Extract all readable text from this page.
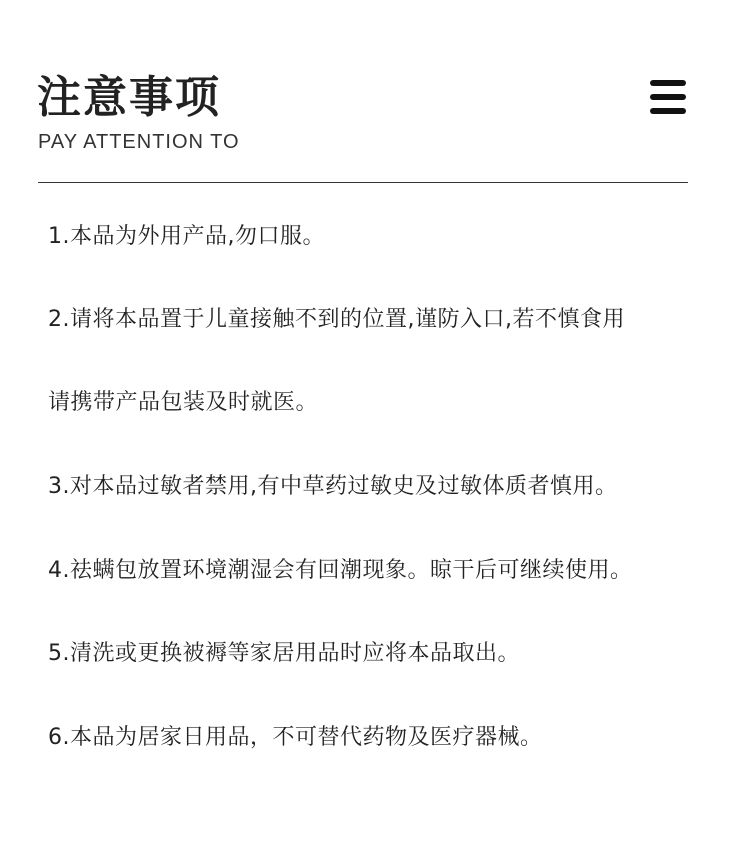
注意事项
PAY ATTENTION TO
1.本品为外用产品,勿口服。
2.请将本品置于儿童接触不到的位置,谨防入口,若不慎食用
请携带产品包装及时就医。
3.对本品过敏者禁用,有中草药过敏史及过敏体质者慎用。
4.祛螨包放置环境潮湿会有回潮现象。晾干后可继续使用。
5.清洗或更换被褥等家居用品时应将本品取出。
6.本品为居家日用品，不可替代药物及医疗器械。
